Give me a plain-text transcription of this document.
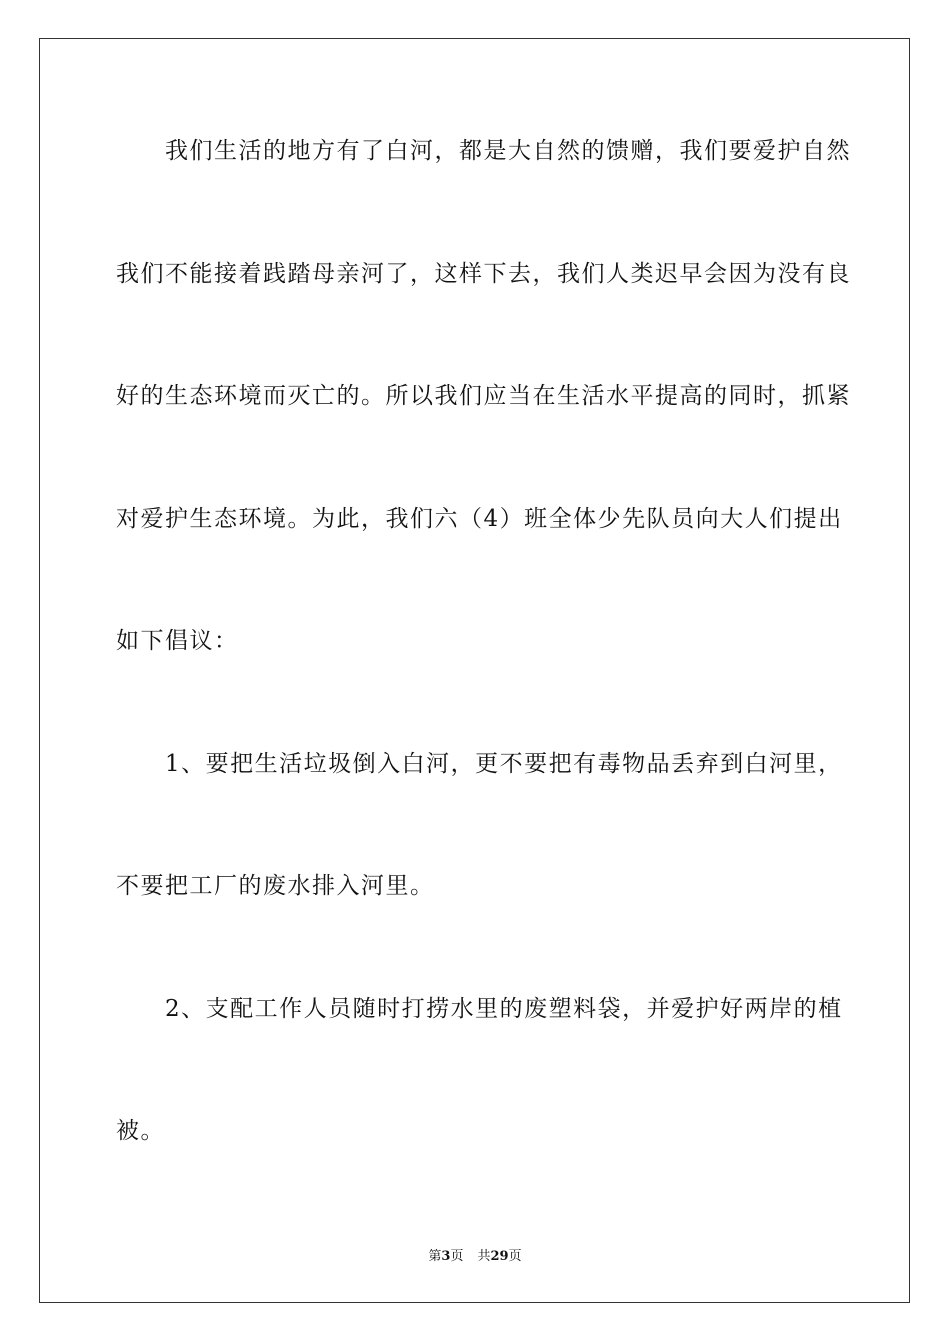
　　我们生活的地方有了白河，都是大自然的馈赠，我们要爱护自然
我们不能接着践踏母亲河了，这样下去，我们人类迟早会因为没有良
好的生态环境而灭亡的。所以我们应当在生活水平提高的同时，抓紧
对爱护生态环境。为此，我们六（4）班全体少先队员向大人们提出
如下倡议：
　　1、要把生活垃圾倒入白河，更不要把有毒物品丢弃到白河里，
不要把工厂的废水排入河里。
　　2、支配工作人员随时打捞水里的废塑料袋，并爱护好两岸的植
被。
第3页 共29页
